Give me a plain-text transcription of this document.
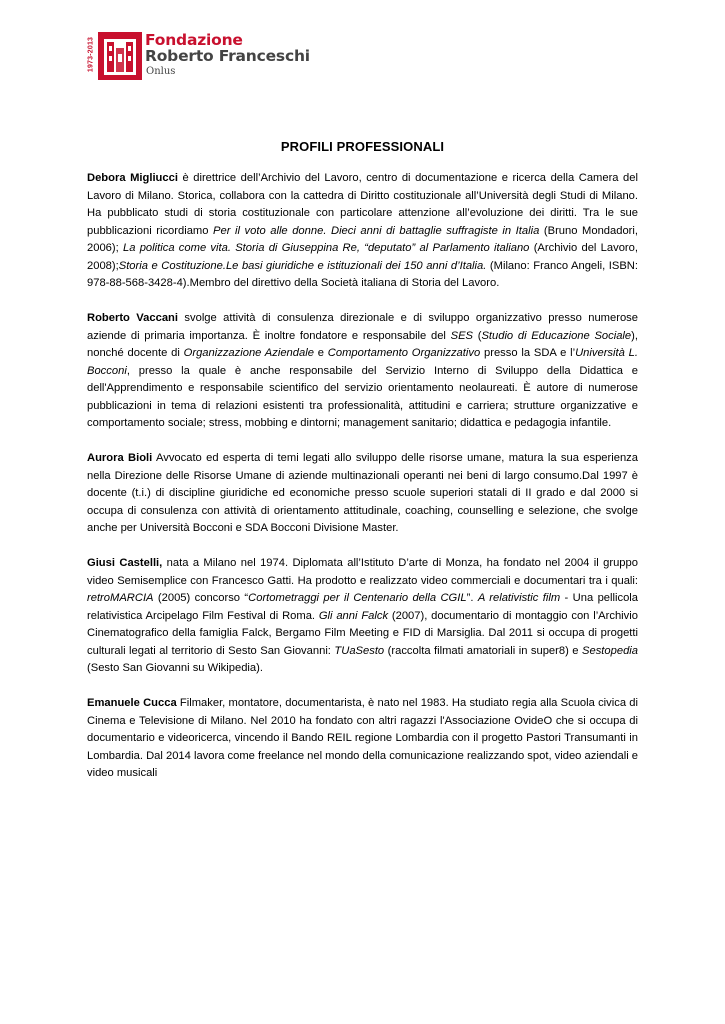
1973-2013	Fondazione
Roberto Franceschi
Onlus
PROFILI PROFESSIONALI

Debora Migliucci è direttrice dell’Archivio del Lavoro, centro di documentazione e ricerca della Camera del Lavoro di Milano. Storica, collabora con la cattedra di Diritto costituzionale all’Università degli Studi di Milano. Ha pubblicato studi di storia costituzionale con particolare attenzione all’evoluzione dei diritti. Tra le sue pubblicazioni ricordiamo Per il voto alle donne. Dieci anni di battaglie suffragiste in Italia (Bruno Mondadori, 2006); La politica come vita. Storia di Giuseppina Re, “deputato” al Parlamento italiano (Archivio del Lavoro, 2008);Storia e Costituzione.Le basi giuridiche e istituzionali dei 150 anni d’Italia. (Milano: Franco Angeli, ISBN: 978-88-568-3428-4).Membro del direttivo della Società italiana di Storia del Lavoro.

Roberto Vaccani svolge attività di consulenza direzionale e di sviluppo organizzativo presso numerose aziende di primaria importanza. È inoltre fondatore e responsabile del SES (Studio di Educazione Sociale), nonché docente di Organizzazione Aziendale e Comportamento Organizzativo presso la SDA e l’Università L. Bocconi, presso la quale è anche responsabile del Servizio Interno di Sviluppo della Didattica e dell'Apprendimento e responsabile scientifico del servizio orientamento neolaureati. È autore di numerose pubblicazioni in tema di relazioni esistenti tra professionalità, attitudini e carriera; strutture organizzative e comportamento sociale; stress, mobbing e dintorni; management sanitario; didattica e pedagogia infantile.

Aurora Bioli Avvocato ed esperta di temi legati allo sviluppo delle risorse umane, matura la sua esperienza nella Direzione delle Risorse Umane di aziende multinazionali operanti nei beni di largo consumo.Dal 1997 è docente (t.i.) di discipline giuridiche ed economiche presso scuole superiori statali di II grado e dal 2000 si occupa di consulenza con attività di orientamento attitudinale, coaching, counselling e selezione, che svolge anche per Università Bocconi e SDA Bocconi Divisione Master.

Giusi Castelli, nata a Milano nel 1974. Diplomata all’Istituto D’arte di Monza, ha fondato nel 2004 il gruppo video Semisemplice con Francesco Gatti. Ha prodotto e realizzato video commerciali e documentari tra i quali: retroMARCIA (2005) concorso “Cortometraggi per il Centenario della CGIL”. A relativistic film - Una pellicola relativistica Arcipelago Film Festival di Roma. Gli anni Falck (2007), documentario di montaggio con l’Archivio Cinematografico della famiglia Falck, Bergamo Film Meeting e FID di Marsiglia. Dal 2011 si occupa di progetti culturali legati al territorio di Sesto San Giovanni: TUaSesto (raccolta filmati amatoriali in super8) e Sestopedia (Sesto San Giovanni su Wikipedia).

Emanuele Cucca Filmaker, montatore, documentarista, è nato nel 1983. Ha studiato regia alla Scuola civica di Cinema e Televisione di Milano. Nel 2010 ha fondato con altri ragazzi l'Associazione OvideO che si occupa di documentario e videoricerca, vincendo il Bando REIL regione Lombardia con il progetto Pastori Transumanti in Lombardia. Dal 2014 lavora come freelance nel mondo della comunicazione realizzando spot, video aziendali e video musicali
